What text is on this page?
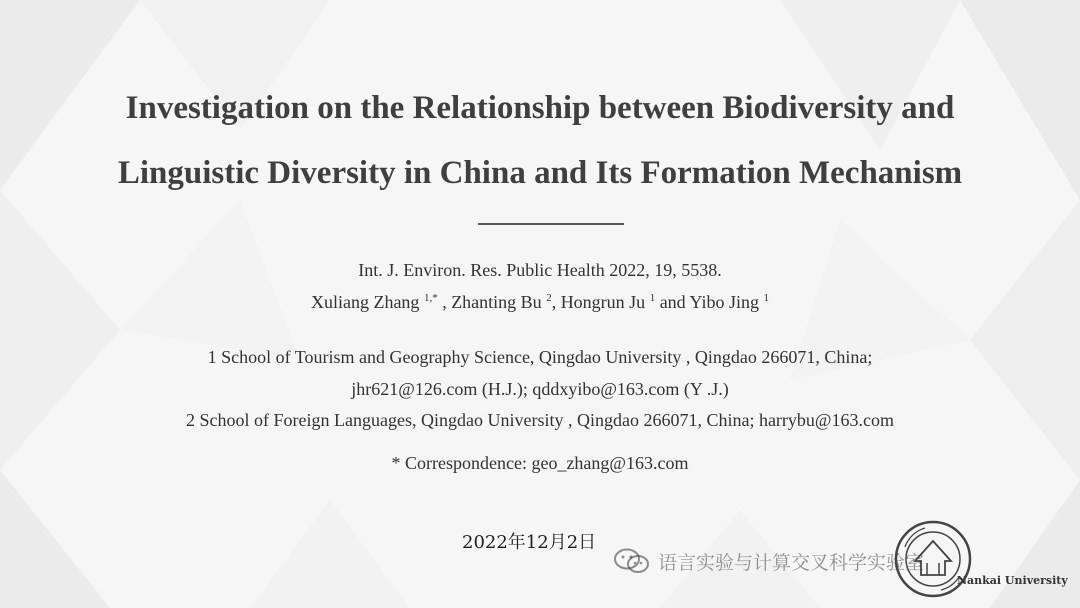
Investigation on the Relationship between Biodiversity and
Linguistic Diversity in China and Its Formation Mechanism
Int. J. Environ. Res. Public Health 2022, 19, 5538.
Xuliang Zhang $^{1,*}$ , Zhanting Bu $^2$, Hongrun Ju $^1$ and Yibo Jing $^1$
1 School of Tourism and Geography Science, Qingdao University , Qingdao 266071, China;
jhr621@126.com (H.J.); qddxyibo@163.com (Y .J.)
2 School of Foreign Languages, Qingdao University , Qingdao 266071, China; harrybu@163.com
* Correspondence: geo_zhang@163.com
2022年12月2日
语言实验与计算交叉科学实验室
Nankai University
